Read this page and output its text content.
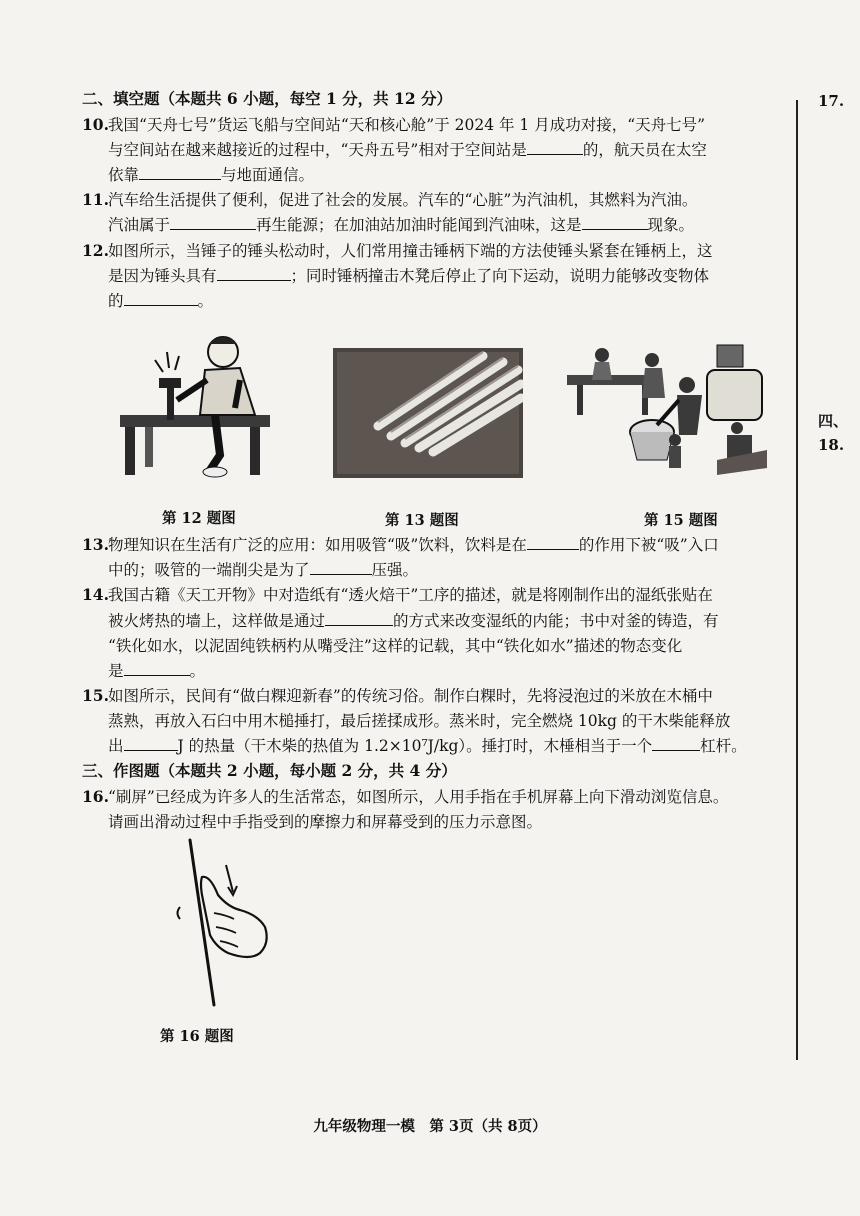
二、填空题（本题共 6 小题，每空 1 分，共 12 分）
10.我国“天舟七号”货运飞船与空间站“天和核心舱”于 2024 年 1 月成功对接，“天舟七号”
与空间站在越来越接近的过程中，“天舟五号”相对于空间站是	的，航天员在太空
依靠	与地面通信。
11.汽车给生活提供了便利，促进了社会的发展。汽车的“心脏”为汽油机，其燃料为汽油。
汽油属于	再生能源；在加油站加油时能闻到汽油味，这是	现象。
12.如图所示，当锤子的锤头松动时，人们常用撞击锤柄下端的方法使锤头紧套在锤柄上，这
是因为锤头具有	；同时锤柄撞击木凳后停止了向下运动，说明力能够改变物体
的	。
第 12 题图	第 13 题图	第 15 题图
13.物理知识在生活有广泛的应用：如用吸管“吸”饮料，饮料是在	的作用下被“吸”入口
中的；吸管的一端削尖是为了	压强。
14.我国古籍《天工开物》中对造纸有“透火焙干”工序的描述，就是将刚制作出的湿纸张贴在
被火烤热的墙上，这样做是通过	的方式来改变湿纸的内能；书中对釜的铸造，有
“铁化如水，以泥固纯铁柄杓从嘴受注”这样的记载，其中“铁化如水”描述的物态变化
是	。
15.如图所示，民间有“做白粿迎新春”的传统习俗。制作白粿时，先将浸泡过的米放在木桶中
蒸熟，再放入石臼中用木槌捶打，最后搓揉成形。蒸米时，完全燃烧 10kg 的干木柴能释放
出	J 的热量（干木柴的热值为 1.2×10⁷J/kg）。捶打时，木棰相当于一个	杠杆。
三、作图题（本题共 2 小题，每小题 2 分，共 4 分）
16.“刷屏”已经成为许多人的生活常态，如图所示，人用手指在手机屏幕上向下滑动浏览信息。
请画出滑动过程中手指受到的摩擦力和屏幕受到的压力示意图。
第 16 题图
九年级物理一模　第 3页（共 8页）
17.
四、
18.
